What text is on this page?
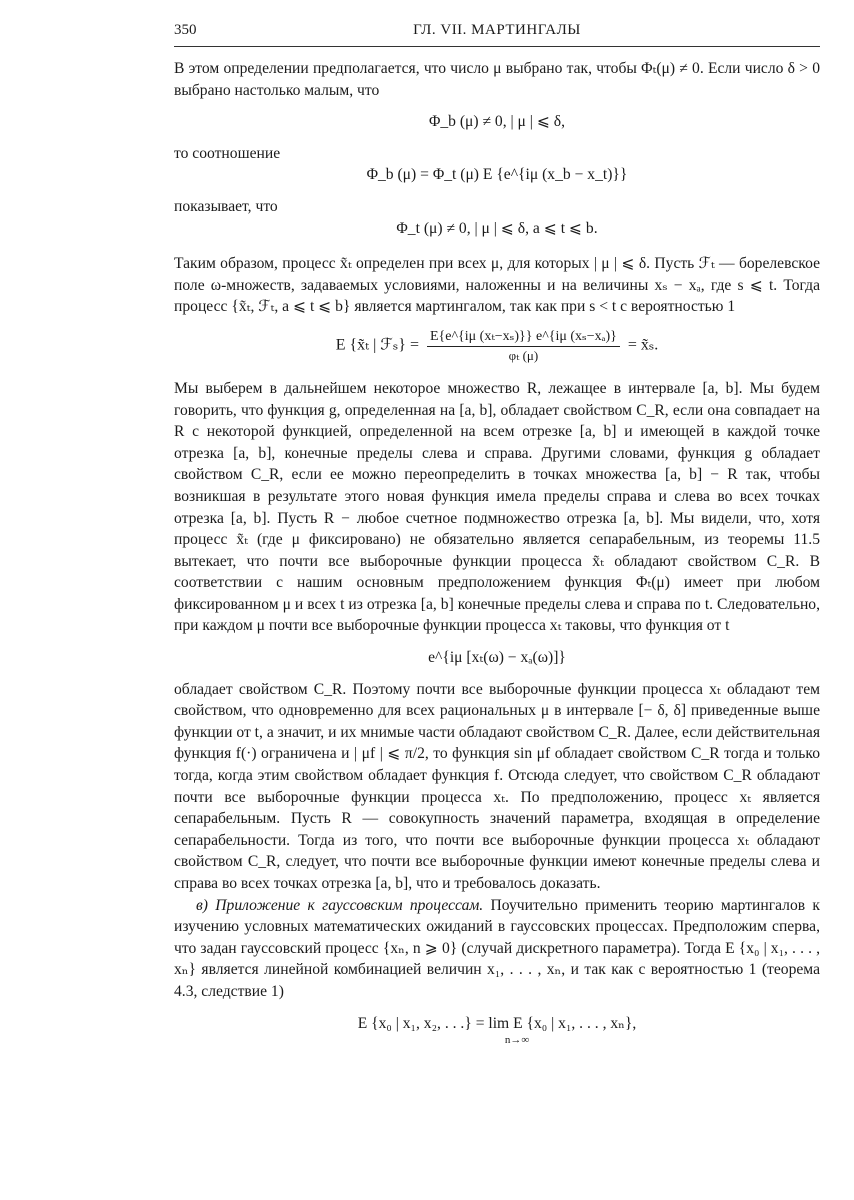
350	ГЛ. VII. МАРТИНГАЛЫ

В этом определении предполагается, что число μ выбрано так, чтобы Φₜ(μ) ≠ 0. Если число δ > 0 выбрано настолько малым, что

Φ_b (μ) ≠ 0, | μ | ⩽ δ,

то соотношение

Φ_b (μ) = Φ_t (μ) E {e^{iμ (x_b − x_t)}}

показывает, что

Φ_t (μ) ≠ 0, | μ | ⩽ δ, a ⩽ t ⩽ b.

Таким образом, процесс x̃ₜ определен при всех μ, для которых | μ | ⩽ δ. Пусть ℱₜ — борелевское поле ω-множеств, задаваемых условиями, наложенны и на величины xₛ − xₐ, где s ⩽ t. Тогда процесс {x̃ₜ, ℱₜ, a ⩽ t ⩽ b} является мартингалом, так как при s < t с вероятностью 1

E {x̃ₜ | ℱₛ} = $\frac{\text{E\{e\textasciicircum{}\{iμ (xₜ−xₛ)\}\} e\textasciicircum{}\{iμ (xₛ−xₐ)\}}}{\text{φₜ (μ)}}$ = x̃ₛ.

Мы выберем в дальнейшем некоторое множество R, лежащее в интервале [a, b]. Мы будем говорить, что функция g, определенная на [a, b], обладает свойством C_R, если она совпадает на R с некоторой функцией, определенной на всем отрезке [a, b] и имеющей в каждой точке отрезка [a, b], конечные пределы слева и справа. Другими словами, функция g обладает свойством C_R, если ее можно переопределить в точках множества [a, b] − R так, чтобы возникшая в результате этого новая функция имела пределы справа и слева во всех точках отрезка [a, b]. Пусть R − любое счетное подмножество отрезка [a, b]. Мы видели, что, хотя процесс x̃ₜ (где μ фиксировано) не обязательно является сепарабельным, из теоремы 11.5 вытекает, что почти все выборочные функции процесса x̃ₜ обладают свойством C_R. В соответствии с нашим основным предположением функция Φₜ(μ) имеет при любом фиксированном μ и всех t из отрезка [a, b] конечные пределы слева и справа по t. Следовательно, при каждом μ почти все выборочные функции процесса xₜ таковы, что функция от t

e^{iμ [xₜ(ω) − xₐ(ω)]}

обладает свойством C_R. Поэтому почти все выборочные функции процесса xₜ обладают тем свойством, что одновременно для всех рациональных μ в интервале [− δ, δ] приведенные выше функции от t, а значит, и их мнимые части обладают свойством C_R. Далее, если действительная функция f(·) ограничена и | μf | ⩽ π/2, то функция sin μf обладает свойством C_R тогда и только тогда, когда этим свойством обладает функция f. Отсюда следует, что свойством C_R обладают почти все выборочные функции процесса xₜ. По предположению, процесс xₜ является сепарабельным. Пусть R — совокупность значений параметра, входящая в определение сепарабельности. Тогда из того, что почти все выборочные функции процесса xₜ обладают свойством C_R, следует, что почти все выборочные функции имеют конечные пределы слева и справа во всех точках отрезка [a, b], что и требовалось доказать.

в) Приложение к гауссовским процессам. Поучительно применить теорию мартингалов к изучению условных математических ожиданий в гауссовских процессах. Предположим сперва, что задан гауссовский процесс {xₙ, n ⩾ 0} (случай дискретного параметра). Тогда E {x₀ | x₁, . . . , xₙ} является линейной комбинацией величин x₁, . . . , xₙ, и так как с вероятностью 1 (теорема 4.3, следствие 1)

E {x₀ | x₁, x₂, . . .} = lim E {x₀ | x₁, . . . , xₙ},

n→∞
